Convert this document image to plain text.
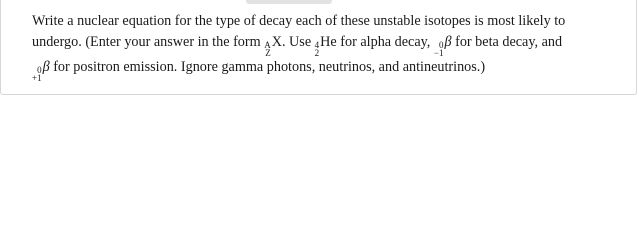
Write a nuclear equation for the type of decay each of these unstable isotopes is most likely to
undergo. (Enter your answer in the form A
Z
X. Use 4
2
He for alpha decay, 0
−1
β for beta decay, and
0
+1
β for positron emission. Ignore gamma photons, neutrinos, and antineutrinos.)
